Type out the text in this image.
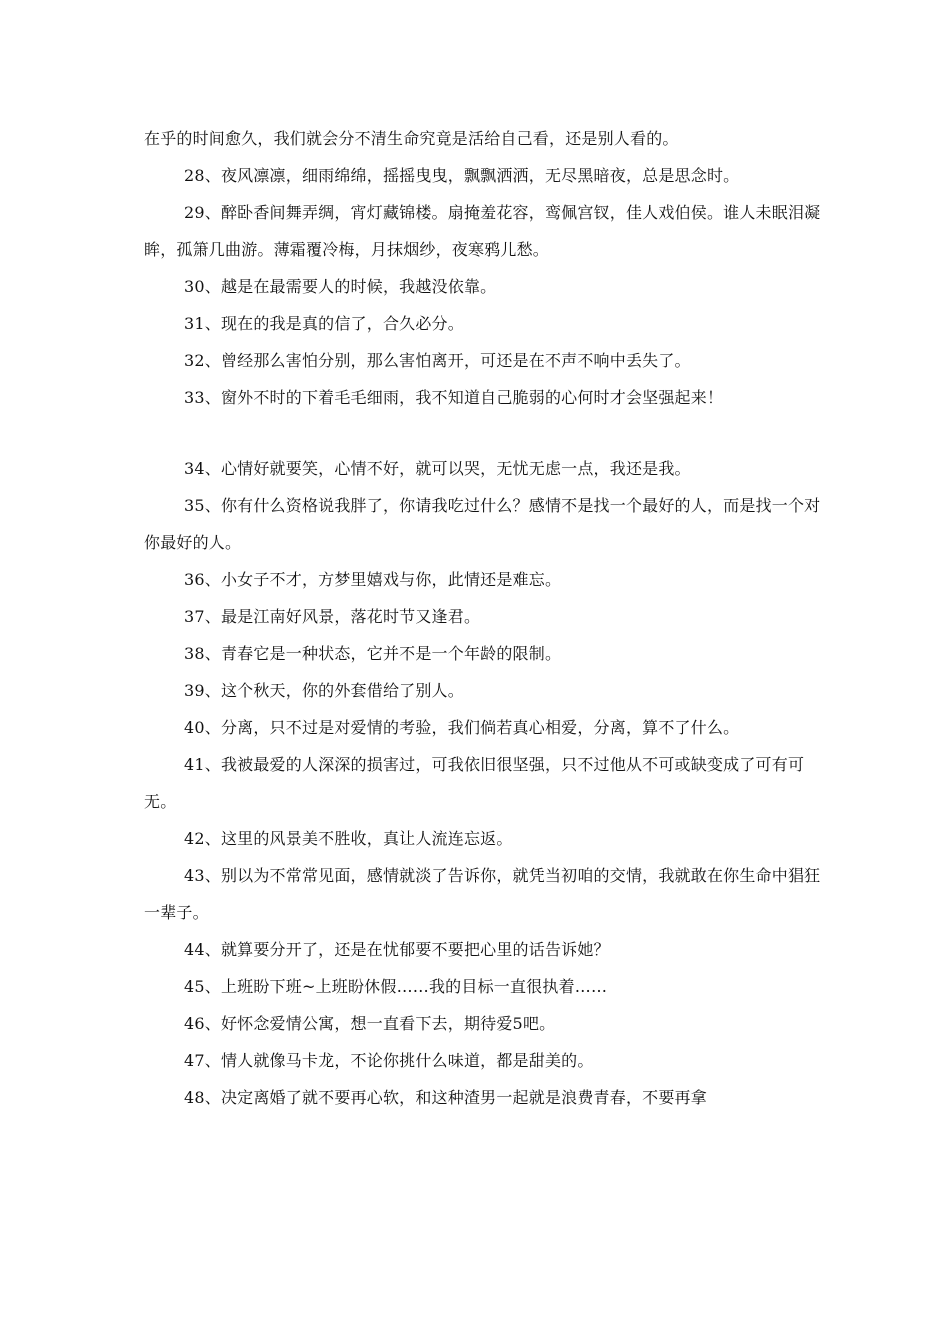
在乎的时间愈久，我们就会分不清生命究竟是活给自己看，还是别人看的。

28、夜风凛凛，细雨绵绵，摇摇曳曳，飘飘洒洒，无尽黑暗夜，总是思念时。

29、醉卧香间舞弄绸，宵灯藏锦楼。扇掩羞花容，鸾佩宫钗，佳人戏伯侯。谁人未眠泪凝眸，孤箫几曲游。薄霜覆冷梅，月抹烟纱，夜寒鸦儿愁。

30、越是在最需要人的时候，我越没依靠。

31、现在的我是真的信了，合久必分。

32、曾经那么害怕分别，那么害怕离开，可还是在不声不响中丢失了。

33、窗外不时的下着毛毛细雨，我不知道自己脆弱的心何时才会坚强起来！

34、心情好就要笑，心情不好，就可以哭，无忧无虑一点，我还是我。

35、你有什么资格说我胖了，你请我吃过什么？感情不是找一个最好的人，而是找一个对你最好的人。

36、小女子不才，方梦里嬉戏与你，此情还是难忘。

37、最是江南好风景，落花时节又逢君。

38、青春它是一种状态，它并不是一个年龄的限制。

39、这个秋天，你的外套借给了别人。

40、分离，只不过是对爱情的考验，我们倘若真心相爱，分离，算不了什么。

41、我被最爱的人深深的损害过，可我依旧很坚强，只不过他从不可或缺变成了可有可无。

42、这里的风景美不胜收，真让人流连忘返。

43、别以为不常常见面，感情就淡了告诉你，就凭当初咱的交情，我就敢在你生命中猖狂一辈子。

44、就算要分开了，还是在忧郁要不要把心里的话告诉她？

45、上班盼下班~上班盼休假……我的目标一直很执着……

46、好怀念爱情公寓，想一直看下去，期待爱5吧。

47、情人就像马卡龙，不论你挑什么味道，都是甜美的。

48、决定离婚了就不要再心软，和这种渣男一起就是浪费青春，不要再拿
